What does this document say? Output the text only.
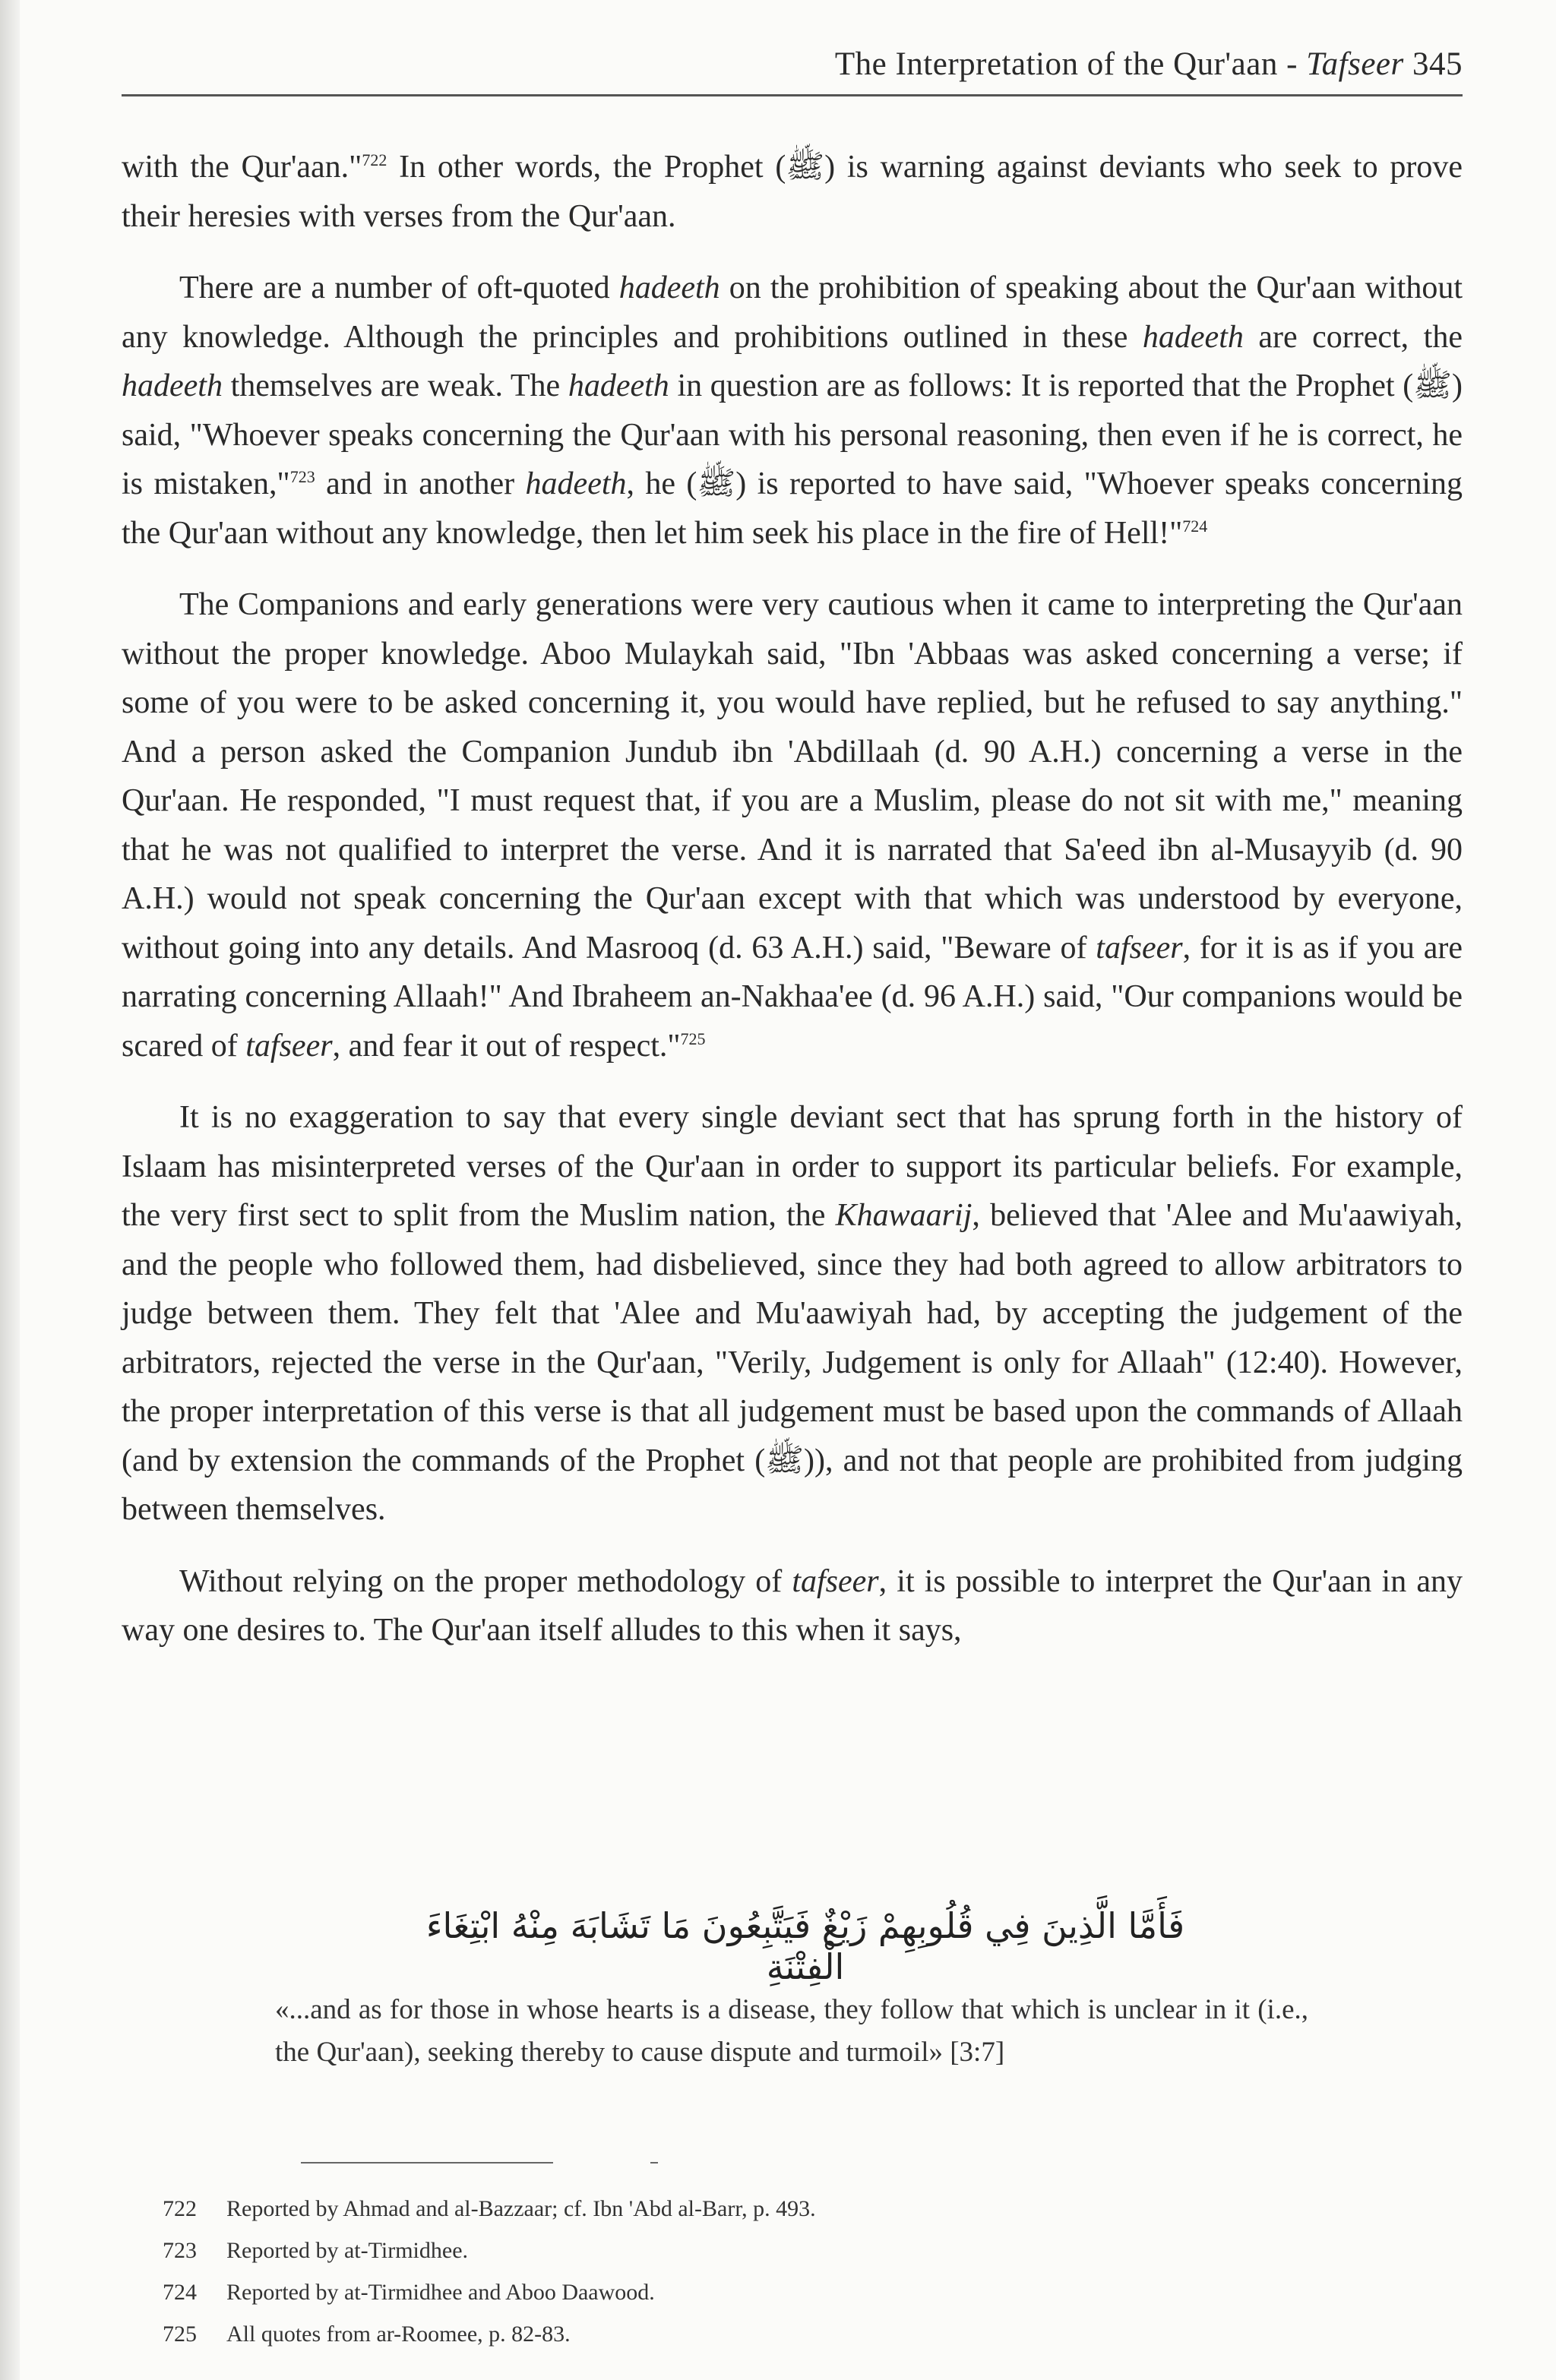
The Interpretation of the Qur'aan - Tafseer 345

with the Qur'aan."$^{722}$ In other words, the Prophet (ﷺ) is warning against deviants who seek to prove their heresies with verses from the Qur'aan.

There are a number of oft-quoted hadeeth on the prohibition of speaking about the Qur'aan without any knowledge. Although the principles and prohibitions outlined in these hadeeth are correct, the hadeeth themselves are weak. The hadeeth in question are as follows: It is reported that the Prophet (ﷺ) said, "Whoever speaks concerning the Qur'aan with his personal reasoning, then even if he is correct, he is mistaken,"$^{723}$ and in another hadeeth, he (ﷺ) is reported to have said, "Whoever speaks concerning the Qur'aan without any knowledge, then let him seek his place in the fire of Hell!"$^{724}$

The Companions and early generations were very cautious when it came to interpreting the Qur'aan without the proper knowledge. Aboo Mulaykah said, "Ibn 'Abbaas was asked concerning a verse; if some of you were to be asked concerning it, you would have replied, but he refused to say anything." And a person asked the Companion Jundub ibn 'Abdillaah (d. 90 A.H.) concerning a verse in the Qur'aan. He responded, "I must request that, if you are a Muslim, please do not sit with me," meaning that he was not qualified to interpret the verse. And it is narrated that Sa'eed ibn al-Musayyib (d. 90 A.H.) would not speak concerning the Qur'aan except with that which was understood by everyone, without going into any details. And Masrooq (d. 63 A.H.) said, "Beware of tafseer, for it is as if you are narrating concerning Allaah!" And Ibraheem an-Nakhaa'ee (d. 96 A.H.) said, "Our companions would be scared of tafseer, and fear it out of respect."$^{725}$

It is no exaggeration to say that every single deviant sect that has sprung forth in the history of Islaam has misinterpreted verses of the Qur'aan in order to support its particular beliefs. For example, the very first sect to split from the Muslim nation, the Khawaarij, believed that 'Alee and Mu'aawiyah, and the people who followed them, had disbelieved, since they had both agreed to allow arbitrators to judge between them. They felt that 'Alee and Mu'aawiyah had, by accepting the judgement of the arbitrators, rejected the verse in the Qur'aan, "Verily, Judgement is only for Allaah" (12:40). However, the proper interpretation of this verse is that all judgement must be based upon the commands of Allaah (and by extension the commands of the Prophet (ﷺ)), and not that people are prohibited from judging between themselves.

Without relying on the proper methodology of tafseer, it is possible to interpret the Qur'aan in any way one desires to. The Qur'aan itself alludes to this when it says,

فَأَمَّا الَّذِينَ فِي قُلُوبِهِمْ زَيْغٌ فَيَتَّبِعُونَ مَا تَشَابَهَ مِنْهُ ابْتِغَاءَ الْفِتْنَةِ
«...and as for those in whose hearts is a disease, they follow that which is unclear in it (i.e., the Qur'aan), seeking thereby to cause dispute and turmoil» [3:7]
722 Reported by Ahmad and al-Bazzaar; cf. Ibn 'Abd al-Barr, p. 493.
723 Reported by at-Tirmidhee.
724 Reported by at-Tirmidhee and Aboo Daawood.
725 All quotes from ar-Roomee, p. 82-83.
